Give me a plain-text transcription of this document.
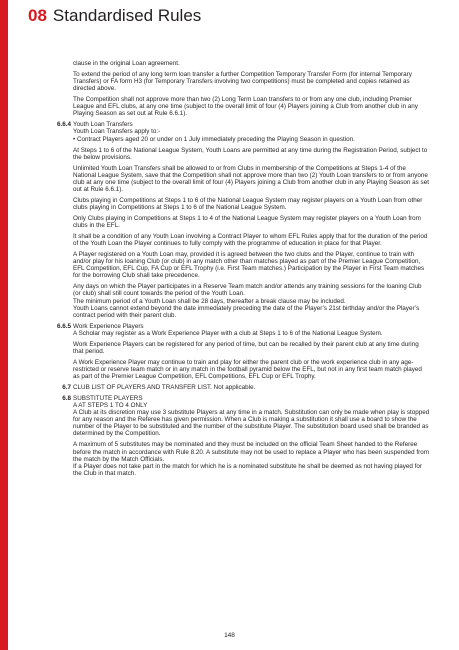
08 Standardised Rules

clause in the original Loan agreement.

To extend the period of any long term loan transfer a further Competition Temporary Transfer Form (for internal Temporary Transfers) or FA form H3 (for Temporary Transfers involving two competitions) must be completed and copies retained as directed above.

The Competition shall not approve more than two (2) Long Term Loan transfers to or from any one club, including Premier League and EFL clubs, at any one time (subject to the overall limit of four (4) Players joining a Club from another club in any Playing Season as set out at Rule 6.6.1).

6.6.4 Youth Loan Transfers

Youth Loan Transfers apply to:-
• Contract Players aged 20 or under on 1 July immediately preceding the Playing Season in question.

At Steps 1 to 6 of the National League System, Youth Loans are permitted at any time during the Registration Period, subject to the below provisions.

Unlimited Youth Loan Transfers shall be allowed to or from Clubs in membership of the Competitions at Steps 1-4 of the National League System, save that the Competition shall not approve more than two (2) Youth Loan transfers to or from anyone club at any one time (subject to the overall limit of four (4) Players joining a Club from another club in any Playing Season as set out at Rule 6.6.1).

Clubs playing in Competitions at Steps 1 to 6 of the National League System may register players on a Youth Loan from other clubs playing in Competitions at Steps 1 to 6 of the National League System.

Only Clubs playing in Competitions at Steps 1 to 4 of the National League System may register players on a Youth Loan from clubs in the EFL.

It shall be a condition of any Youth Loan involving a Contract Player to whom EFL Rules apply that for the duration of the period of the Youth Loan the Player continues to fully comply with the programme of education in place for that Player.

A Player registered on a Youth Loan may, provided it is agreed between the two clubs and the Player, continue to train with and/or play for his loaning Club (or club) in any match other than matches played as part of the Premier League Competition, EFL Competition, EFL Cup, FA Cup or EFL Trophy (i.e. First Team matches.) Participation by the Player in First Team matches for the borrowing Club shall take precedence.

Any days on which the Player participates in a Reserve Team match and/or attends any training sessions for the loaning Club (or club) shall still count towards the period of the Youth Loan.
The minimum period of a Youth Loan shall be 28 days, thereafter a break clause may be included.
Youth Loans cannot extend beyond the date immediately preceding the date of the Player’s 21st birthday and/or the Player’s contract period with their parent club.

6.6.5 Work Experience Players

A Scholar may register as a Work Experience Player with a club at Steps 1 to 6 of the National League System.

Work Experience Players can be registered for any period of time, but can be recalled by their parent club at any time during that period.

A Work Experience Player may continue to train and play for either the parent club or the work experience club in any age-restricted or reserve team match or in any match in the football pyramid below the EFL, but not in any first team match played as part of the Premier League Competition, EFL Competitions, EFL Cup or EFL Trophy.

6.7 CLUB LIST OF PLAYERS AND TRANSFER LIST. Not applicable.

6.8 SUBSTITUTE PLAYERS

A AT STEPS 1 TO 4 ONLY
A Club at its discretion may use 3 substitute Players at any time in a match. Substitution can only be made when play is stopped for any reason and the Referee has given permission. When a Club is making a substitution it shall use a board to show the number of the Player to be substituted and the number of the substitute Player. The substitution board used shall be branded as determined by the Competition.

A maximum of 5 substitutes may be nominated and they must be included on the official Team Sheet handed to the Referee before the match in accordance with Rule 8.20. A substitute may not be used to replace a Player who has been suspended from the match by the Match Officials.
If a Player does not take part in the match for which he is a nominated substitute he shall be deemed as not having played for the Club in that match.

148
